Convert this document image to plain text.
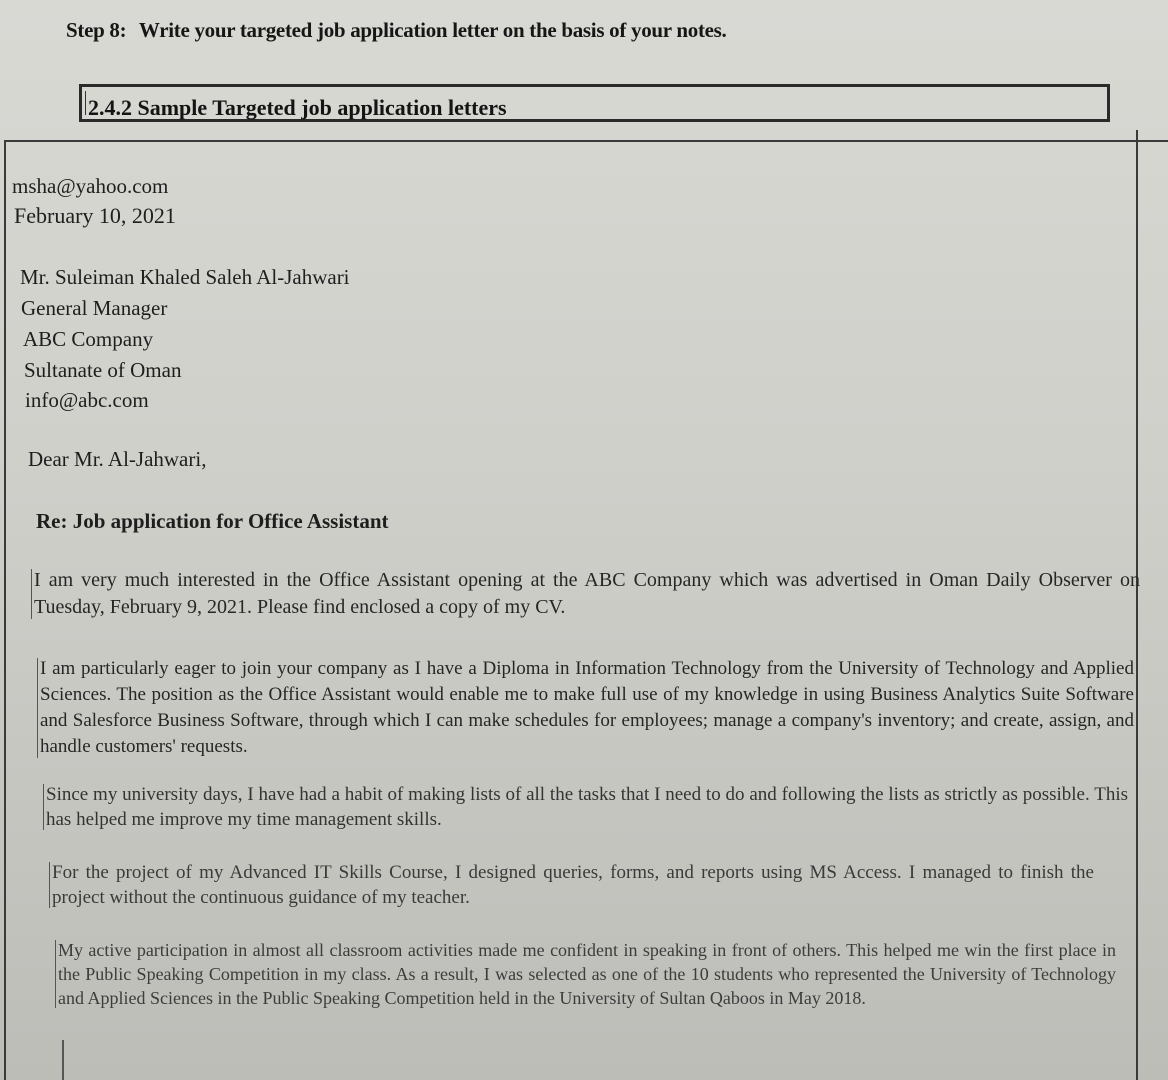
Step 8: Write your targeted job application letter on the basis of your notes.
2.4.2 Sample Targeted job application letters
msha@yahoo.com
February 10, 2021
Mr. Suleiman Khaled Saleh Al-Jahwari
General Manager
ABC Company
Sultanate of Oman
info@abc.com
Dear Mr. Al-Jahwari,
Re: Job application for Office Assistant
I am very much interested in the Office Assistant opening at the ABC Company which was advertised in Oman Daily Observer on Tuesday, February 9, 2021. Please find enclosed a copy of my CV.
I am particularly eager to join your company as I have a Diploma in Information Technology from the University of Technology and Applied Sciences. The position as the Office Assistant would enable me to make full use of my knowledge in using Business Analytics Suite Software and Salesforce Business Software, through which I can make schedules for employees; manage a company's inventory; and create, assign, and handle customers' requests.
Since my university days, I have had a habit of making lists of all the tasks that I need to do and following the lists as strictly as possible. This has helped me improve my time management skills.
For the project of my Advanced IT Skills Course, I designed queries, forms, and reports using MS Access. I managed to finish the project without the continuous guidance of my teacher.
My active participation in almost all classroom activities made me confident in speaking in front of others. This helped me win the first place in the Public Speaking Competition in my class. As a result, I was selected as one of the 10 students who represented the University of Technology and Applied Sciences in the Public Speaking Competition held in the University of Sultan Qaboos in May 2018.
